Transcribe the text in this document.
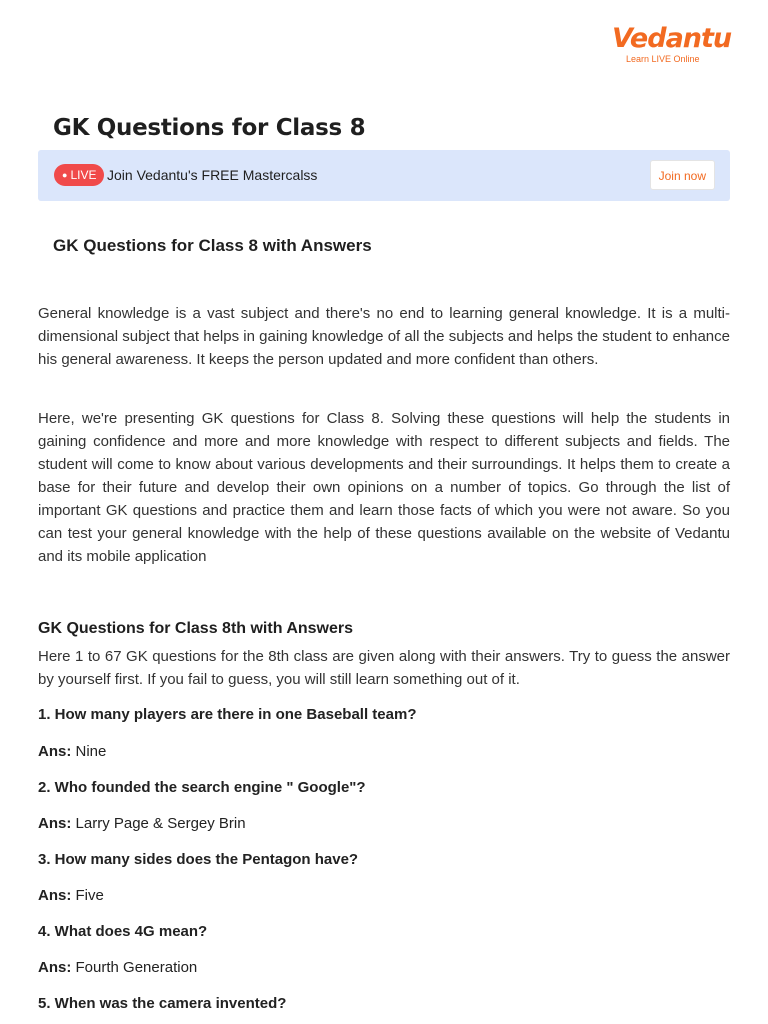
Vedantu
Learn LIVE Online
GK Questions for Class 8
● LIVE Join Vedantu's FREE Mastercalss	Join now
GK Questions for Class 8 with Answers

General knowledge is a vast subject and there's no end to learning general knowledge. It is a multi-dimensional subject that helps in gaining knowledge of all the subjects and helps the student to enhance his general awareness. It keeps the person updated and more confident than others.

Here, we're presenting GK questions for Class 8. Solving these questions will help the students in gaining confidence and more and more knowledge with respect to different subjects and fields. The student will come to know about various developments and their surroundings. It helps them to create a base for their future and develop their own opinions on a number of topics. Go through the list of important GK questions and practice them and learn those facts of which you were not aware. So you can test your general knowledge with the help of these questions available on the website of Vedantu and its mobile application

GK Questions for Class 8th with Answers

Here 1 to 67 GK questions for the 8th class are given along with their answers. Try to guess the answer by yourself first. If you fail to guess, you will still learn something out of it.

1. How many players are there in one Baseball team?
Ans: Nine
2. Who founded the search engine " Google"?
Ans: Larry Page & Sergey Brin
3. How many sides does the Pentagon have?
Ans: Five
4. What does 4G mean?
Ans: Fourth Generation
5. When was the camera invented?
